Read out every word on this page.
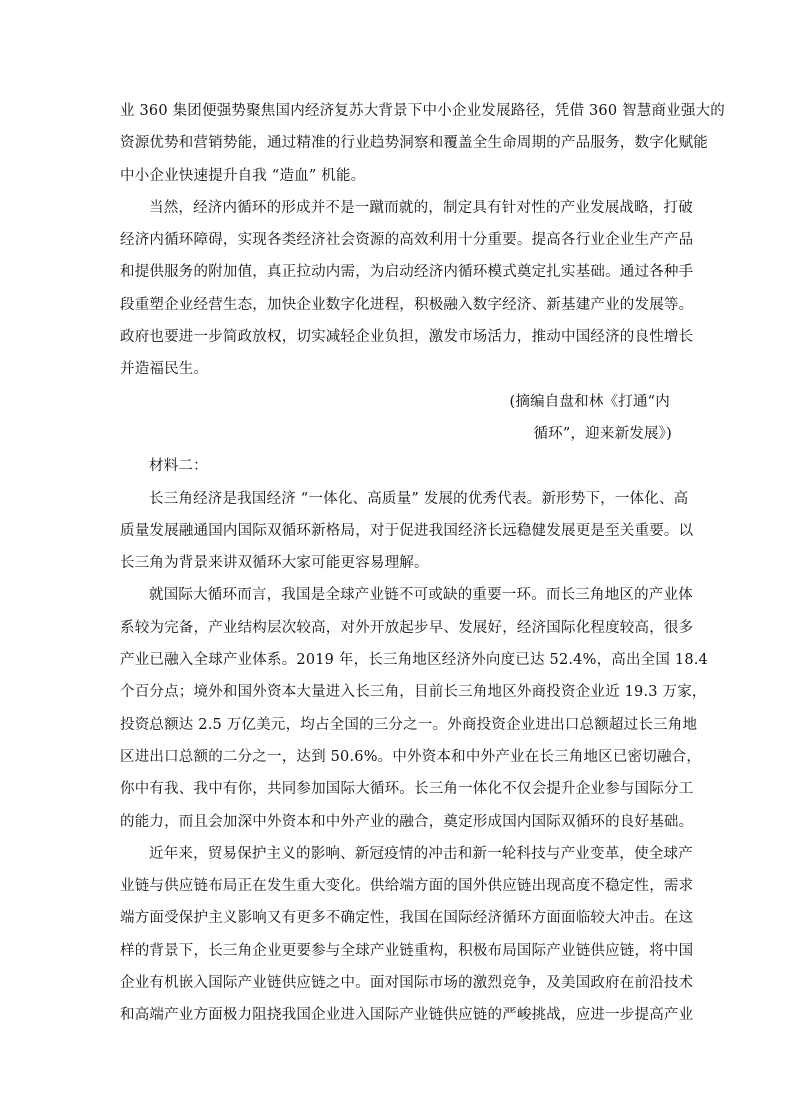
业 360 集团便强势聚焦国内经济复苏大背景下中小企业发展路径，凭借 360 智慧商业强大的
资源优势和营销势能，通过精准的行业趋势洞察和覆盖全生命周期的产品服务，数字化赋能
中小企业快速提升自我 “造血” 机能。
当然，经济内循环的形成并不是一蹴而就的，制定具有针对性的产业发展战略，打破
经济内循环障碍，实现各类经济社会资源的高效利用十分重要。提高各行业企业生产产品
和提供服务的附加值，真正拉动内需，为启动经济内循环模式奠定扎实基础。通过各种手
段重塑企业经营生态，加快企业数字化进程，积极融入数字经济、新基建产业的发展等。
政府也要进一步简政放权，切实减轻企业负担，激发市场活力，推动中国经济的良性增长
并造福民生。
(摘编自盘和林《打通“内
循环”，迎来新发展》)
材料二：
长三角经济是我国经济 “一体化、高质量” 发展的优秀代表。新形势下，一体化、高
质量发展融通国内国际双循环新格局，对于促进我国经济长远稳健发展更是至关重要。以
长三角为背景来讲双循环大家可能更容易理解。
就国际大循环而言，我国是全球产业链不可或缺的重要一环。而长三角地区的产业体
系较为完备，产业结构层次较高，对外开放起步早、发展好，经济国际化程度较高，很多
产业已融入全球产业体系。2019 年，长三角地区经济外向度已达 52.4%，高出全国 18.4
个百分点；境外和国外资本大量进入长三角，目前长三角地区外商投资企业近 19.3 万家，
投资总额达 2.5 万亿美元，均占全国的三分之一。外商投资企业进出口总额超过长三角地
区进出口总额的二分之一，达到 50.6%。中外资本和中外产业在长三角地区已密切融合，
你中有我、我中有你，共同参加国际大循环。长三角一体化不仅会提升企业参与国际分工
的能力，而且会加深中外资本和中外产业的融合，奠定形成国内国际双循环的良好基础。
近年来，贸易保护主义的影响、新冠疫情的冲击和新一轮科技与产业变革，使全球产
业链与供应链布局正在发生重大变化。供给端方面的国外供应链出现高度不稳定性，需求
端方面受保护主义影响又有更多不确定性，我国在国际经济循环方面面临较大冲击。在这
样的背景下，长三角企业更要参与全球产业链重构，积极布局国际产业链供应链，将中国
企业有机嵌入国际产业链供应链之中。面对国际市场的激烈竞争，及美国政府在前沿技术
和高端产业方面极力阻挠我国企业进入国际产业链供应链的严峻挑战，应进一步提高产业
